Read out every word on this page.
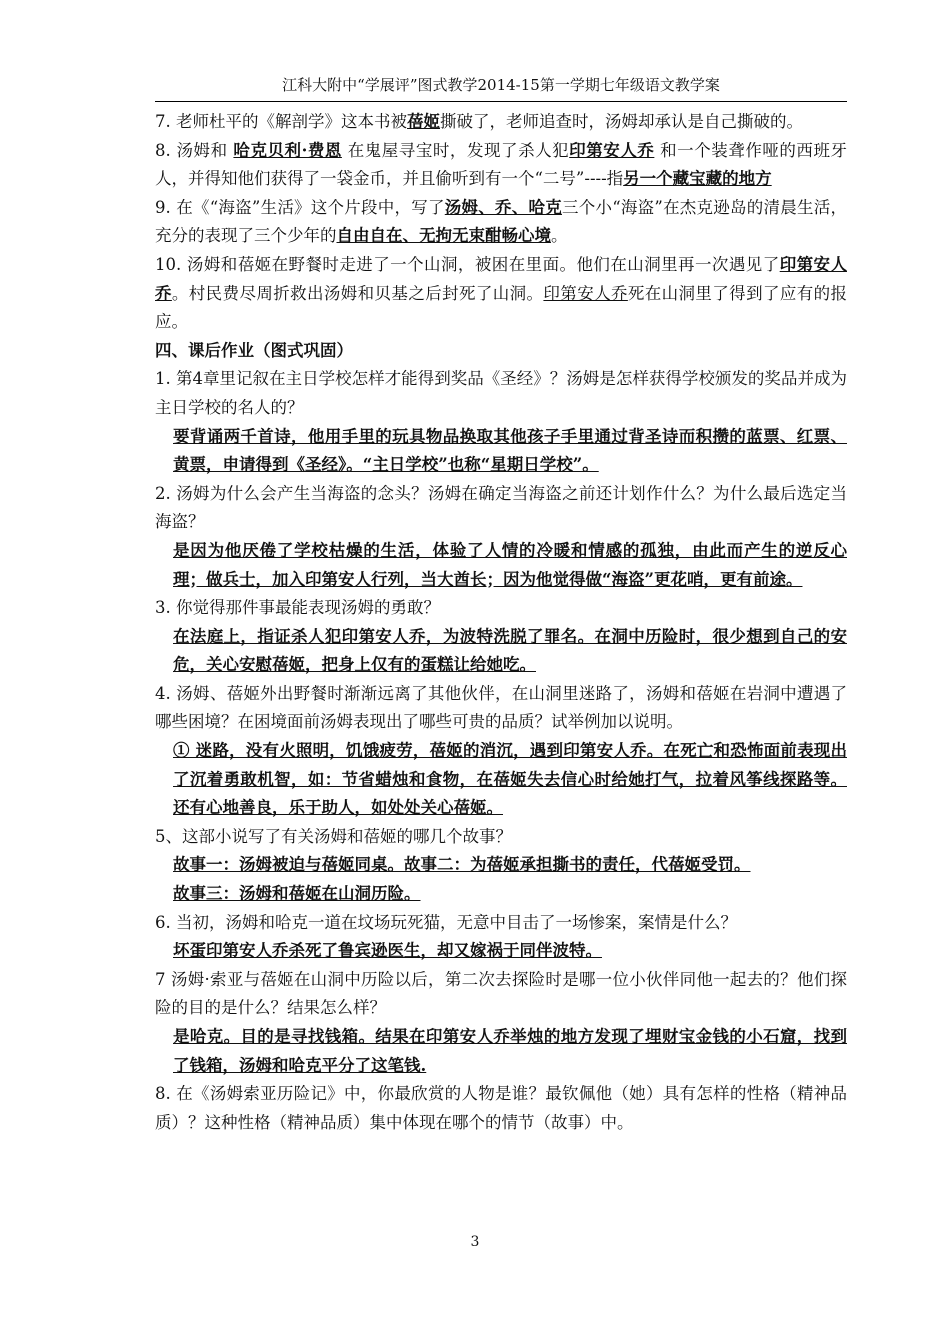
江科大附中“学展评”图式教学2014-15第一学期七年级语文教学案

7. 老师杜平的《解剖学》这本书被蓓姬撕破了，老师追查时，汤姆却承认是自己撕破的。

8. 汤姆和 哈克贝利·费恩 在鬼屋寻宝时，发现了杀人犯印第安人乔 和一个装聋作哑的西班牙人，并得知他们获得了一袋金币，并且偷听到有一个“二号”----指另一个藏宝藏的地方

9. 在《“海盗”生活》这个片段中，写了汤姆、乔、哈克三个小“海盗”在杰克逊岛的清晨生活，充分的表现了三个少年的自由自在、无拘无束酣畅心境。

10. 汤姆和蓓姬在野餐时走进了一个山洞，被困在里面。他们在山洞里再一次遇见了印第安人乔。村民费尽周折救出汤姆和贝基之后封死了山洞。印第安人乔死在山洞里了得到了应有的报应。

四、课后作业（图式巩固）

1. 第4章里记叙在主日学校怎样才能得到奖品《圣经》？汤姆是怎样获得学校颁发的奖品并成为主日学校的名人的？

要背诵两千首诗，他用手里的玩具物品换取其他孩子手里通过背圣诗而积攒的蓝票、红票、黄票，申请得到《圣经》。“主日学校”也称“星期日学校”。

2. 汤姆为什么会产生当海盗的念头？汤姆在确定当海盗之前还计划作什么？为什么最后选定当海盗？

是因为他厌倦了学校枯燥的生活，体验了人情的冷暖和情感的孤独，由此而产生的逆反心理；做兵士，加入印第安人行列，当大酋长；因为他觉得做“海盗”更花哨，更有前途。

3. 你觉得那件事最能表现汤姆的勇敢？

在法庭上，指证杀人犯印第安人乔，为波特洗脱了罪名。在洞中历险时，很少想到自己的安危，关心安慰蓓姬，把身上仅有的蛋糕让给她吃。

4. 汤姆、蓓姬外出野餐时渐渐远离了其他伙伴，在山洞里迷路了，汤姆和蓓姬在岩洞中遭遇了哪些困境？在困境面前汤姆表现出了哪些可贵的品质？试举例加以说明。

① 迷路，没有火照明，饥饿疲劳，蓓姬的消沉，遇到印第安人乔。在死亡和恐怖面前表现出了沉着勇敢机智，如：节省蜡烛和食物，在蓓姬失去信心时给她打气，拉着风筝线探路等。还有心地善良，乐于助人，如处处关心蓓姬。

5、这部小说写了有关汤姆和蓓姬的哪几个故事？

故事一：汤姆被迫与蓓姬同桌。故事二：为蓓姬承担撕书的责任，代蓓姬受罚。

故事三：汤姆和蓓姬在山洞历险。

6. 当初，汤姆和哈克一道在坟场玩死猫，无意中目击了一场惨案，案情是什么？

坏蛋印第安人乔杀死了鲁宾逊医生，却又嫁祸于同伴波特。

7 汤姆·索亚与蓓姬在山洞中历险以后，第二次去探险时是哪一位小伙伴同他一起去的？他们探险的目的是什么？结果怎么样？

是哈克。目的是寻找钱箱。结果在印第安人乔举烛的地方发现了埋财宝金钱的小石窟，找到了钱箱，汤姆和哈克平分了这笔钱.

8. 在《汤姆索亚历险记》中，你最欣赏的人物是谁？最钦佩他（她）具有怎样的性格（精神品质）？这种性格（精神品质）集中体现在哪个的情节（故事）中。

3
